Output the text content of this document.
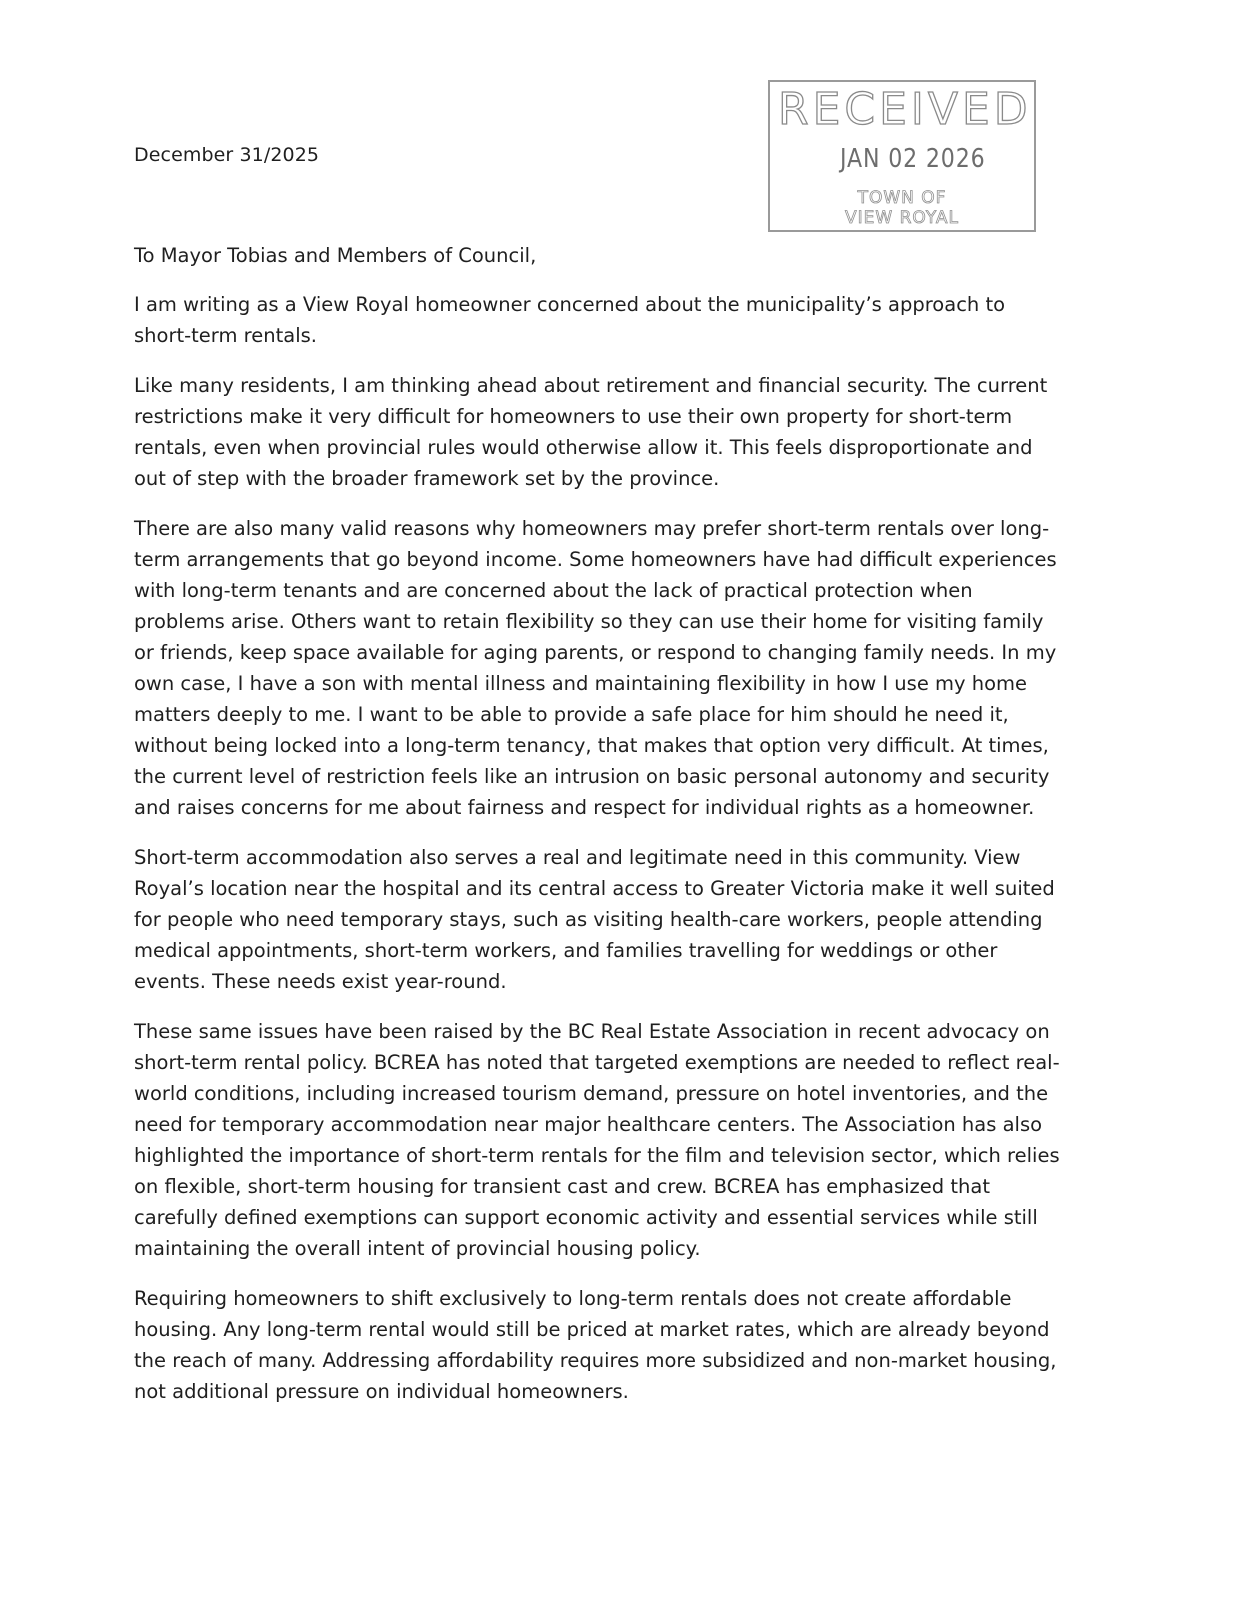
December 31/2025
RECEIVED
JAN 02 2026
TOWN OF
VIEW ROYAL

To Mayor Tobias and Members of Council,

I am writing as a View Royal homeowner concerned about the municipality’s approach to short-term rentals.

Like many residents, I am thinking ahead about retirement and financial security. The current restrictions make it very difficult for homeowners to use their own property for short-term rentals, even when provincial rules would otherwise allow it. This feels disproportionate and out of step with the broader framework set by the province.

There are also many valid reasons why homeowners may prefer short-term rentals over long-term arrangements that go beyond income. Some homeowners have had difficult experiences with long-term tenants and are concerned about the lack of practical protection when problems arise. Others want to retain flexibility so they can use their home for visiting family or friends, keep space available for aging parents, or respond to changing family needs. In my own case, I have a son with mental illness and maintaining flexibility in how I use my home matters deeply to me. I want to be able to provide a safe place for him should he need it, without being locked into a long-term tenancy, that makes that option very difficult. At times, the current level of restriction feels like an intrusion on basic personal autonomy and security and raises concerns for me about fairness and respect for individual rights as a homeowner.

Short-term accommodation also serves a real and legitimate need in this community. View Royal’s location near the hospital and its central access to Greater Victoria make it well suited for people who need temporary stays, such as visiting health-care workers, people attending medical appointments, short-term workers, and families travelling for weddings or other events. These needs exist year-round.

These same issues have been raised by the BC Real Estate Association in recent advocacy on short-term rental policy. BCREA has noted that targeted exemptions are needed to reflect real-world conditions, including increased tourism demand, pressure on hotel inventories, and the need for temporary accommodation near major healthcare centers. The Association has also highlighted the importance of short-term rentals for the film and television sector, which relies on flexible, short-term housing for transient cast and crew. BCREA has emphasized that carefully defined exemptions can support economic activity and essential services while still maintaining the overall intent of provincial housing policy.

Requiring homeowners to shift exclusively to long-term rentals does not create affordable housing. Any long-term rental would still be priced at market rates, which are already beyond the reach of many. Addressing affordability requires more subsidized and non-market housing, not additional pressure on individual homeowners.
